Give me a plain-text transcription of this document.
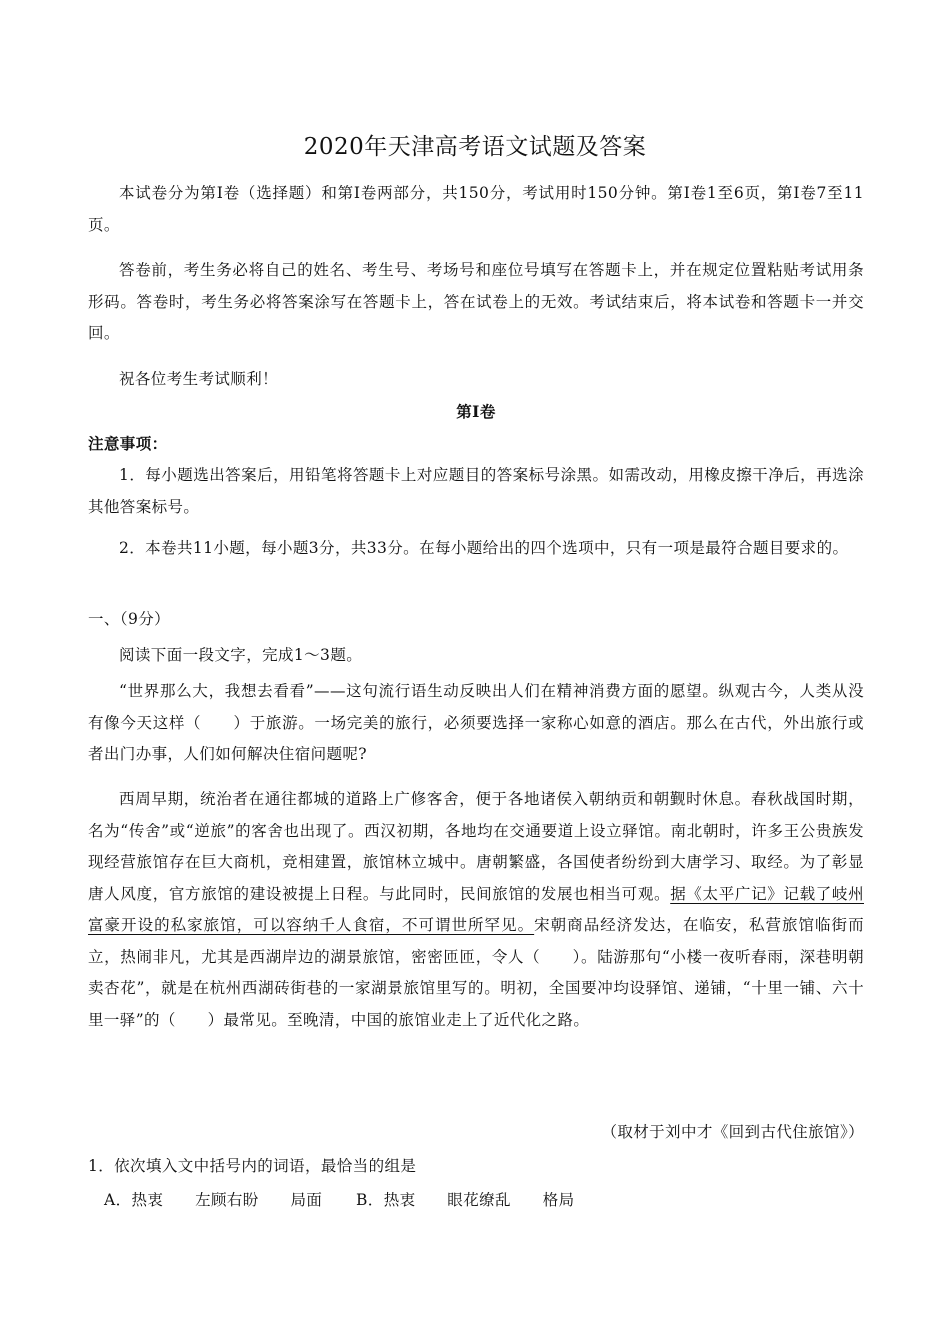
2020年天津高考语文试题及答案
本试卷分为第Ⅰ卷（选择题）和第Ⅰ卷两部分，共150分，考试用时150分钟。第Ⅰ卷1至6页，第Ⅰ卷7至11页。
答卷前，考生务必将自己的姓名、考生号、考场号和座位号填写在答题卡上，并在规定位置粘贴考试用条形码。答卷时，考生务必将答案涂写在答题卡上，答在试卷上的无效。考试结束后，将本试卷和答题卡一并交回。
祝各位考生考试顺利！
第Ⅰ卷
注意事项：
1．每小题选出答案后，用铅笔将答题卡上对应题目的答案标号涂黑。如需改动，用橡皮擦干净后，再选涂其他答案标号。
2．本卷共11小题，每小题3分，共33分。在每小题给出的四个选项中，只有一项是最符合题目要求的。
一、（9分）
阅读下面一段文字，完成1～3题。
“世界那么大，我想去看看”——这句流行语生动反映出人们在精神消费方面的愿望。纵观古今，人类从没有像今天这样（　　）于旅游。一场完美的旅行，必须要选择一家称心如意的酒店。那么在古代，外出旅行或者出门办事，人们如何解决住宿问题呢?
西周早期，统治者在通往都城的道路上广修客舍，便于各地诸侯入朝纳贡和朝觐时休息。春秋战国时期，名为“传舍”或“逆旅”的客舍也出现了。西汉初期，各地均在交通要道上设立驿馆。南北朝时，许多王公贵族发现经营旅馆存在巨大商机，竞相建置，旅馆林立城中。唐朝繁盛，各国使者纷纷到大唐学习、取经。为了彰显唐人风度，官方旅馆的建设被提上日程。与此同时，民间旅馆的发展也相当可观。据《太平广记》记载了岐州富豪开设的私家旅馆，可以容纳千人食宿，不可谓世所罕见。宋朝商品经济发达，在临安，私营旅馆临街而立，热闹非凡，尤其是西湖岸边的湖景旅馆，密密匝匝，令人（　　）。陆游那句“小楼一夜听春雨，深巷明朝卖杏花”，就是在杭州西湖砖街巷的一家湖景旅馆里写的。明初，全国要冲均设驿馆、递铺，“十里一铺、六十里一驿”的（　　）最常见。至晚清，中国的旅馆业走上了近代化之路。
（取材于刘中才《回到古代住旅馆》）
1．依次填入文中括号内的词语，最恰当的组是
A．热衷　　左顾右盼　　局面 B．热衷　　眼花缭乱　　格局
